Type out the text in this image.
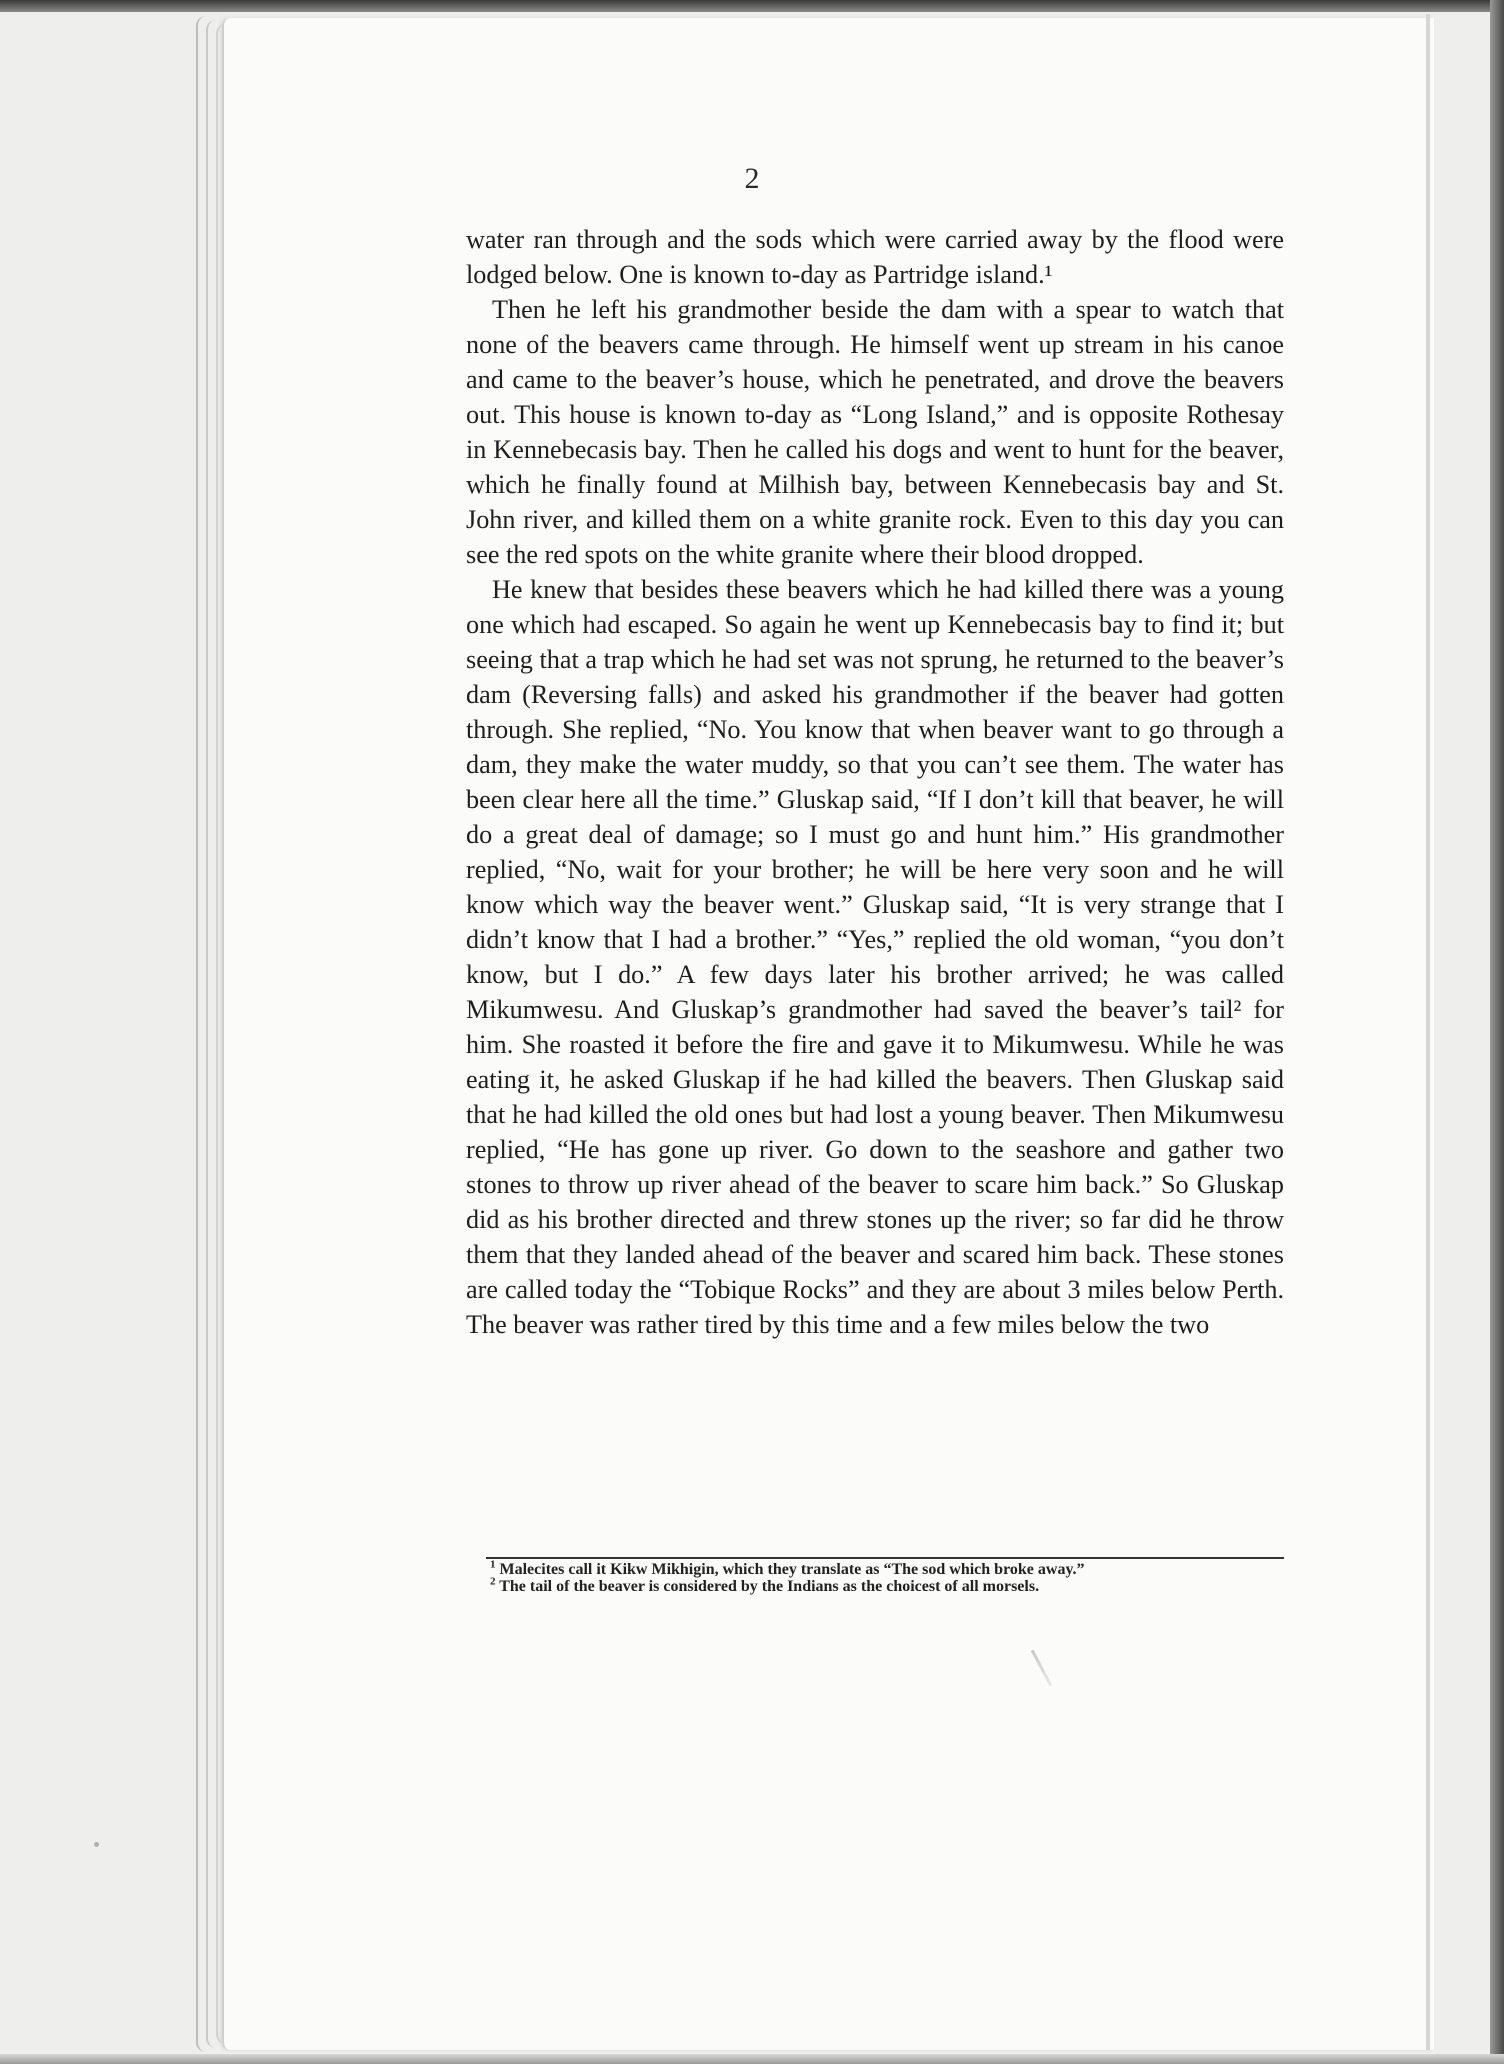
2

water ran through and the sods which were carried away by the flood were lodged below. One is known to-day as Partridge island.¹

Then he left his grandmother beside the dam with a spear to watch that none of the beavers came through. He himself went up stream in his canoe and came to the beaver’s house, which he penetrated, and drove the beavers out. This house is known to-day as “Long Island,” and is opposite Rothesay in Kennebecasis bay. Then he called his dogs and went to hunt for the beaver, which he finally found at Milhish bay, between Kennebecasis bay and St. John river, and killed them on a white granite rock. Even to this day you can see the red spots on the white granite where their blood dropped.

He knew that besides these beavers which he had killed there was a young one which had escaped. So again he went up Kennebecasis bay to find it; but seeing that a trap which he had set was not sprung, he returned to the beaver’s dam (Reversing falls) and asked his grandmother if the beaver had gotten through. She replied, “No. You know that when beaver want to go through a dam, they make the water muddy, so that you can’t see them. The water has been clear here all the time.” Gluskap said, “If I don’t kill that beaver, he will do a great deal of damage; so I must go and hunt him.” His grandmother replied, “No, wait for your brother; he will be here very soon and he will know which way the beaver went.” Gluskap said, “It is very strange that I didn’t know that I had a brother.” “Yes,” replied the old woman, “you don’t know, but I do.” A few days later his brother arrived; he was called Mikumwesu. And Gluskap’s grandmother had saved the beaver’s tail² for him. She roasted it before the fire and gave it to Mikumwesu. While he was eating it, he asked Gluskap if he had killed the beavers. Then Gluskap said that he had killed the old ones but had lost a young beaver. Then Mikumwesu replied, “He has gone up river. Go down to the seashore and gather two stones to throw up river ahead of the beaver to scare him back.” So Gluskap did as his brother directed and threw stones up the river; so far did he throw them that they landed ahead of the beaver and scared him back. These stones are called today the “Tobique Rocks” and they are about 3 miles below Perth. The beaver was rather tired by this time and a few miles below the two

$^1$ Malecites call it Kikw Mikhigin, which they translate as “The sod which broke away.”
$^2$ The tail of the beaver is considered by the Indians as the choicest of all morsels.
